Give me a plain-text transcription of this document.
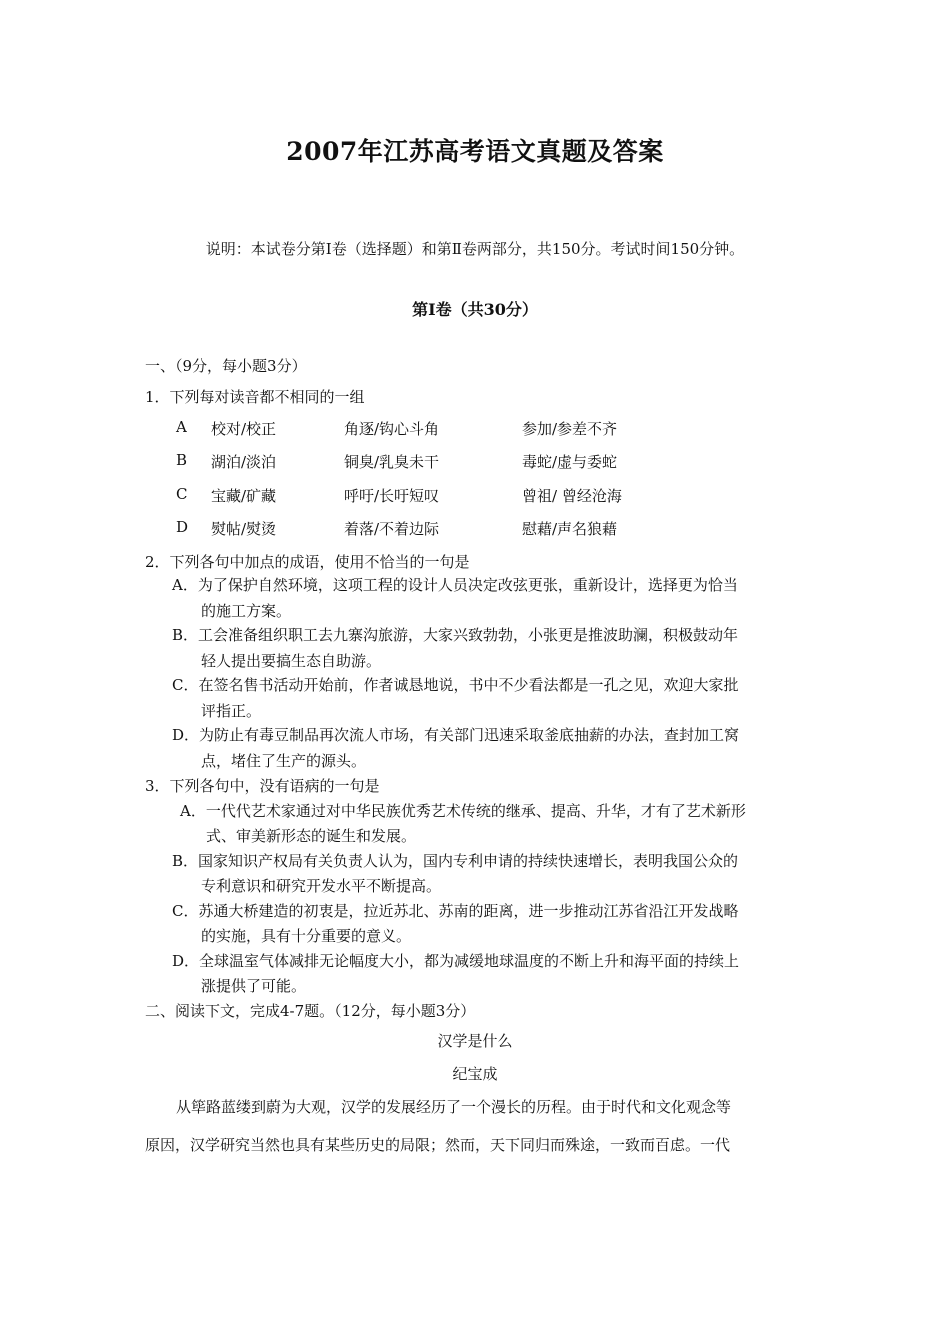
2007年江苏高考语文真题及答案
说明：本试卷分第Ⅰ卷（选择题）和第Ⅱ卷两部分，共150分。考试时间150分钟。
第Ⅰ卷（共30分）
一、（9分，每小题3分）
1．下列每对读音都不相同的一组
A 校对/校正	角逐/钩心斗角	参加/参差不齐
B 湖泊/淡泊	铜臭/乳臭未干	毒蛇/虚与委蛇
C 宝藏/矿藏	呼吁/长吁短叹	曾祖/ 曾经沧海
D 熨帖/熨烫	着落/不着边际	慰藉/声名狼藉
2．下列各句中加点的成语，使用不恰当的一句是
A．为了保护自然环境，这项工程的设计人员决定改弦更张，重新设计，选择更为恰当
的施工方案。
B．工会准备组织职工去九寨沟旅游，大家兴致勃勃，小张更是推波助澜，积极鼓动年
轻人提出要搞生态自助游。
C．在签名售书活动开始前，作者诚恳地说，书中不少看法都是一孔之见，欢迎大家批
评指正。
D．为防止有毒豆制品再次流人市场，有关部门迅速采取釜底抽薪的办法，查封加工窝
点，堵住了生产的源头。
3．下列各句中，没有语病的一句是
A．一代代艺术家通过对中华民族优秀艺术传统的继承、提高、升华，才有了艺术新形
式、审美新形态的诞生和发展。
B．国家知识产权局有关负责人认为，国内专利申请的持续快速增长，表明我国公众的
专利意识和研究开发水平不断提高。
C．苏通大桥建造的初衷是，拉近苏北、苏南的距离，进一步推动江苏省沿江开发战略
的实施，具有十分重要的意义。
D．全球温室气体减排无论幅度大小，都为减缓地球温度的不断上升和海平面的持续上
涨提供了可能。
二、阅读下文，完成4-7题。（12分，每小题3分）
汉学是什么
纪宝成
从筚路蓝缕到蔚为大观，汉学的发展经历了一个漫长的历程。由于时代和文化观念等
原因，汉学研究当然也具有某些历史的局限；然而，天下同归而殊途，一致而百虑。一代
